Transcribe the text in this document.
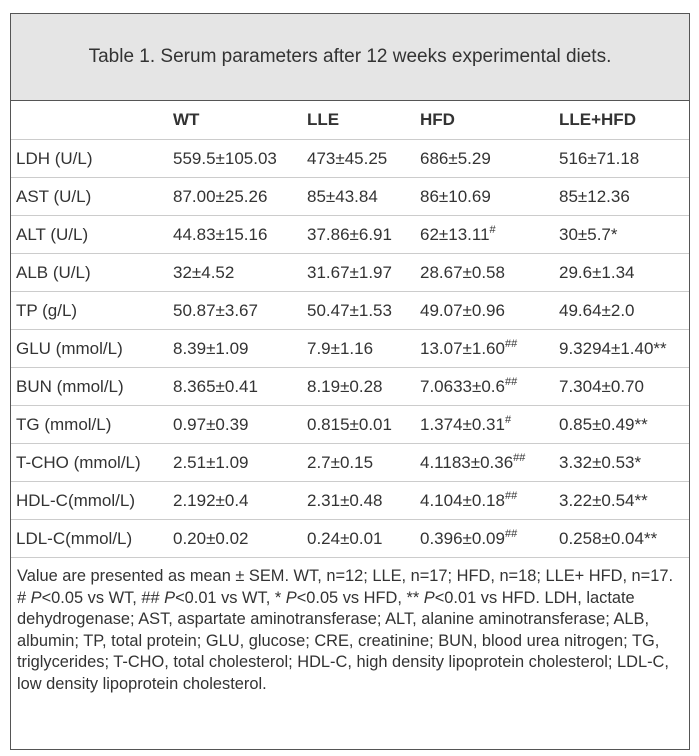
Table 1. Serum parameters after 12 weeks experimental diets.
	WT	LLE	HFD	LLE+HFD
LDH (U/L)	559.5±105.03	473±45.25	686±5.29	516±71.18
AST (U/L)	87.00±25.26	85±43.84	86±10.69	85±12.36
ALT (U/L)	44.83±15.16	37.86±6.91	62±13.11#	30±5.7*
ALB (U/L)	32±4.52	31.67±1.97	28.67±0.58	29.6±1.34
TP (g/L)	50.87±3.67	50.47±1.53	49.07±0.96	49.64±2.0
GLU (mmol/L)	8.39±1.09	7.9±1.16	13.07±1.60##	9.3294±1.40**
BUN (mmol/L)	8.365±0.41	8.19±0.28	7.0633±0.6##	7.304±0.70
TG (mmol/L)	0.97±0.39	0.815±0.01	1.374±0.31#	0.85±0.49**
T-CHO (mmol/L)	2.51±1.09	2.7±0.15	4.1183±0.36##	3.32±0.53*
HDL-C(mmol/L)	2.192±0.4	2.31±0.48	4.104±0.18##	3.22±0.54**
LDL-C(mmol/L)	0.20±0.02	0.24±0.01	0.396±0.09##	0.258±0.04**
Value are presented as mean ± SEM. WT, n=12; LLE, n=17; HFD, n=18; LLE+ HFD, n=17. # P<0.05 vs WT, ## P<0.01 vs WT, * P<0.05 vs HFD, ** P<0.01 vs HFD. LDH, lactate dehydrogenase; AST, aspartate aminotransferase; ALT, alanine aminotransferase; ALB, albumin; TP, total protein; GLU, glucose; CRE, creatinine; BUN, blood urea nitrogen; TG, triglycerides; T-CHO, total cholesterol; HDL-C, high density lipoprotein cholesterol; LDL-C, low density lipoprotein cholesterol.
